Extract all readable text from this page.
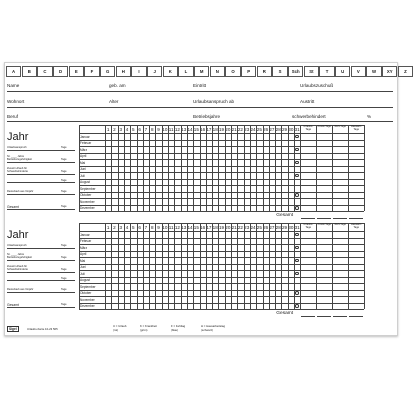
A	B	C	D	E	F	G	H	I	J	K	L	M	N	O	P	R	S	Sch	St	T	U	V	W	XY	Z
Name	geb. am	Eintritt	Urlaubszuschuß
Wohnort	Alter	Urlaubsanspruch ab	Austritt
Beruf	Betriebsjahre	schwerbehindert	%
Jahr
1 2 3 4 5 6 7 8 9 10 11 12 13 14 15 16 17 18 19 20 21 22 23 24 25 26 27 28 29 30 31
Januar
Februar
März
April
Mai
Juni
Juli
August
September
Oktober
November
Dezember
Urlaubs-Tage
Krank-Tage	Reh-Tage	Hausarb-Tage
Urlaubsanspruch	Tage
Nr. ____ Jahre
Betriebszugehörigkeit	Tage
Zusatz-Urlaub für
Schwerbehinderte	Tage
Tage
Resturlaub aus Vorjahr	Tage
Gesamt	Tage
Gesamt
Jahr
1 2 3 4 5 6 7 8 9 10 11 12 13 14 15 16 17 18 19 20 21 22 23 24 25 26 27 28 29 30 31
Januar
Februar
März
April
Mai
Juni
Juli
August
September
Oktober
November
Dezember
Urlaubs-Tage
Krank-Tage	Reh-Tage	Hausarb-Tage
Urlaubsanspruch	Tage
Nr. ____ Jahre
Betriebszugehörigkeit	Tage
Zusatz-Urlaub für
Schwerbehinderte	Tage
Tage
Resturlaub aus Vorjahr	Tage
Gesamt	Tage
Gesamt
Sigel	Urlaubs-Karte 10-23 565
U = Urlaub
(rot)
K = Krankheit
(grün)
F = Fehltag
(blau)
H = Hausarbeitstag
(schwarz)
